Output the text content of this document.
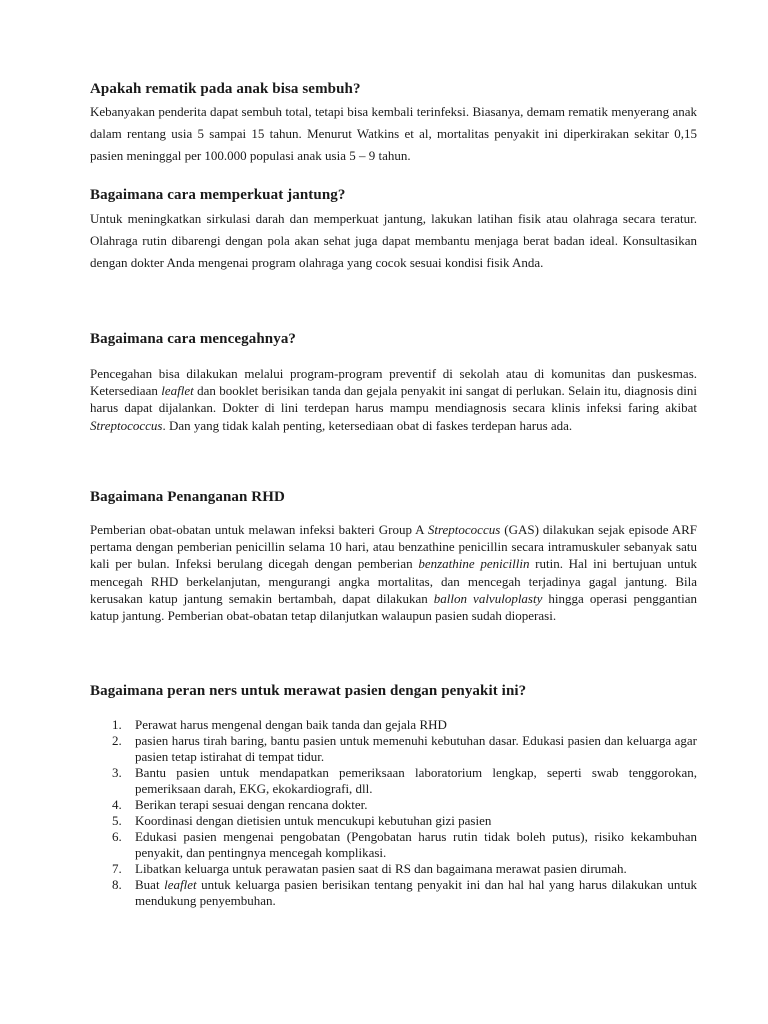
Apakah rematik pada anak bisa sembuh?

Kebanyakan penderita dapat sembuh total, tetapi bisa kembali terinfeksi. Biasanya, demam rematik menyerang anak dalam rentang usia 5 sampai 15 tahun. Menurut Watkins et al, mortalitas penyakit ini diperkirakan sekitar 0,15 pasien meninggal per 100.000 populasi anak usia 5 – 9 tahun.

Bagaimana cara memperkuat jantung?

Untuk meningkatkan sirkulasi darah dan memperkuat jantung, lakukan latihan fisik atau olahraga secara teratur. Olahraga rutin dibarengi dengan pola akan sehat juga dapat membantu menjaga berat badan ideal. Konsultasikan dengan dokter Anda mengenai program olahraga yang cocok sesuai kondisi fisik Anda.

Bagaimana cara mencegahnya?

Pencegahan bisa dilakukan melalui program-program preventif di sekolah atau di komunitas dan puskesmas. Ketersediaan leaflet dan booklet berisikan tanda dan gejala penyakit ini sangat di perlukan. Selain itu, diagnosis dini harus dapat dijalankan. Dokter di lini terdepan harus mampu mendiagnosis secara klinis infeksi faring akibat Streptococcus. Dan yang tidak kalah penting, ketersediaan obat di faskes terdepan harus ada.

Bagaimana Penanganan RHD

Pemberian obat-obatan untuk melawan infeksi bakteri Group A Streptococcus (GAS) dilakukan sejak episode ARF pertama dengan pemberian penicillin selama 10 hari, atau benzathine penicillin secara intramuskuler sebanyak satu kali per bulan. Infeksi berulang dicegah dengan pemberian benzathine penicillin rutin. Hal ini bertujuan untuk mencegah RHD berkelanjutan, mengurangi angka mortalitas, dan mencegah terjadinya gagal jantung. Bila kerusakan katup jantung semakin bertambah, dapat dilakukan ballon valvuloplasty hingga operasi penggantian katup jantung. Pemberian obat-obatan tetap dilanjutkan walaupun pasien sudah dioperasi.

Bagaimana peran ners untuk merawat pasien dengan penyakit ini?
1. Perawat harus mengenal dengan baik tanda dan gejala RHD
2. pasien harus tirah baring, bantu pasien untuk memenuhi kebutuhan dasar. Edukasi pasien dan keluarga agar pasien tetap istirahat di tempat tidur.
3. Bantu pasien untuk mendapatkan pemeriksaan laboratorium lengkap, seperti swab tenggorokan, pemeriksaan darah, EKG, ekokardiografi, dll.
4. Berikan terapi sesuai dengan rencana dokter.
5. Koordinasi dengan dietisien untuk mencukupi kebutuhan gizi pasien
6. Edukasi pasien mengenai pengobatan (Pengobatan harus rutin tidak boleh putus), risiko kekambuhan penyakit, dan pentingnya mencegah komplikasi.
7. Libatkan keluarga untuk perawatan pasien saat di RS dan bagaimana merawat pasien dirumah.
8. Buat leaflet untuk keluarga pasien berisikan tentang penyakit ini dan hal hal yang harus dilakukan untuk mendukung penyembuhan.
